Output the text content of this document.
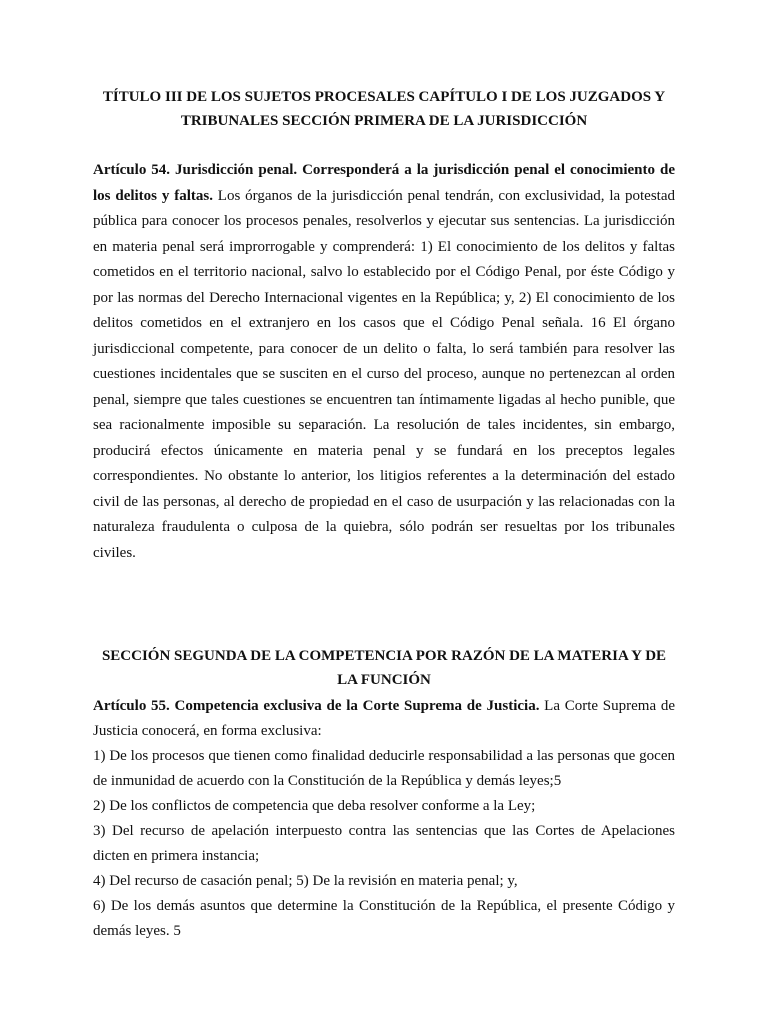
TÍTULO III DE LOS SUJETOS PROCESALES CAPÍTULO I DE LOS JUZGADOS Y TRIBUNALES SECCIÓN PRIMERA DE LA JURISDICCIÓN

Artículo 54. Jurisdicción penal. Corresponderá a la jurisdicción penal el conocimiento de los delitos y faltas. Los órganos de la jurisdicción penal tendrán, con exclusividad, la potestad pública para conocer los procesos penales, resolverlos y ejecutar sus sentencias. La jurisdicción en materia penal será improrrogable y comprenderá: 1) El conocimiento de los delitos y faltas cometidos en el territorio nacional, salvo lo establecido por el Código Penal, por éste Código y por las normas del Derecho Internacional vigentes en la República; y, 2) El conocimiento de los delitos cometidos en el extranjero en los casos que el Código Penal señala. 16 El órgano jurisdiccional competente, para conocer de un delito o falta, lo será también para resolver las cuestiones incidentales que se susciten en el curso del proceso, aunque no pertenezcan al orden penal, siempre que tales cuestiones se encuentren tan íntimamente ligadas al hecho punible, que sea racionalmente imposible su separación. La resolución de tales incidentes, sin embargo, producirá efectos únicamente en materia penal y se fundará en los preceptos legales correspondientes. No obstante lo anterior, los litigios referentes a la determinación del estado civil de las personas, al derecho de propiedad en el caso de usurpación y las relacionadas con la naturaleza fraudulenta o culposa de la quiebra, sólo podrán ser resueltas por los tribunales civiles.

SECCIÓN SEGUNDA DE LA COMPETENCIA POR RAZÓN DE LA MATERIA Y DE LA FUNCIÓN

Artículo 55. Competencia exclusiva de la Corte Suprema de Justicia. La Corte Suprema de Justicia conocerá, en forma exclusiva:

1) De los procesos que tienen como finalidad deducirle responsabilidad a las personas que gocen de inmunidad de acuerdo con la Constitución de la República y demás leyes;5

2) De los conflictos de competencia que deba resolver conforme a la Ley;

3) Del recurso de apelación interpuesto contra las sentencias que las Cortes de Apelaciones dicten en primera instancia;

4) Del recurso de casación penal; 5) De la revisión en materia penal; y,

6) De los demás asuntos que determine la Constitución de la República, el presente Código y demás leyes. 5
